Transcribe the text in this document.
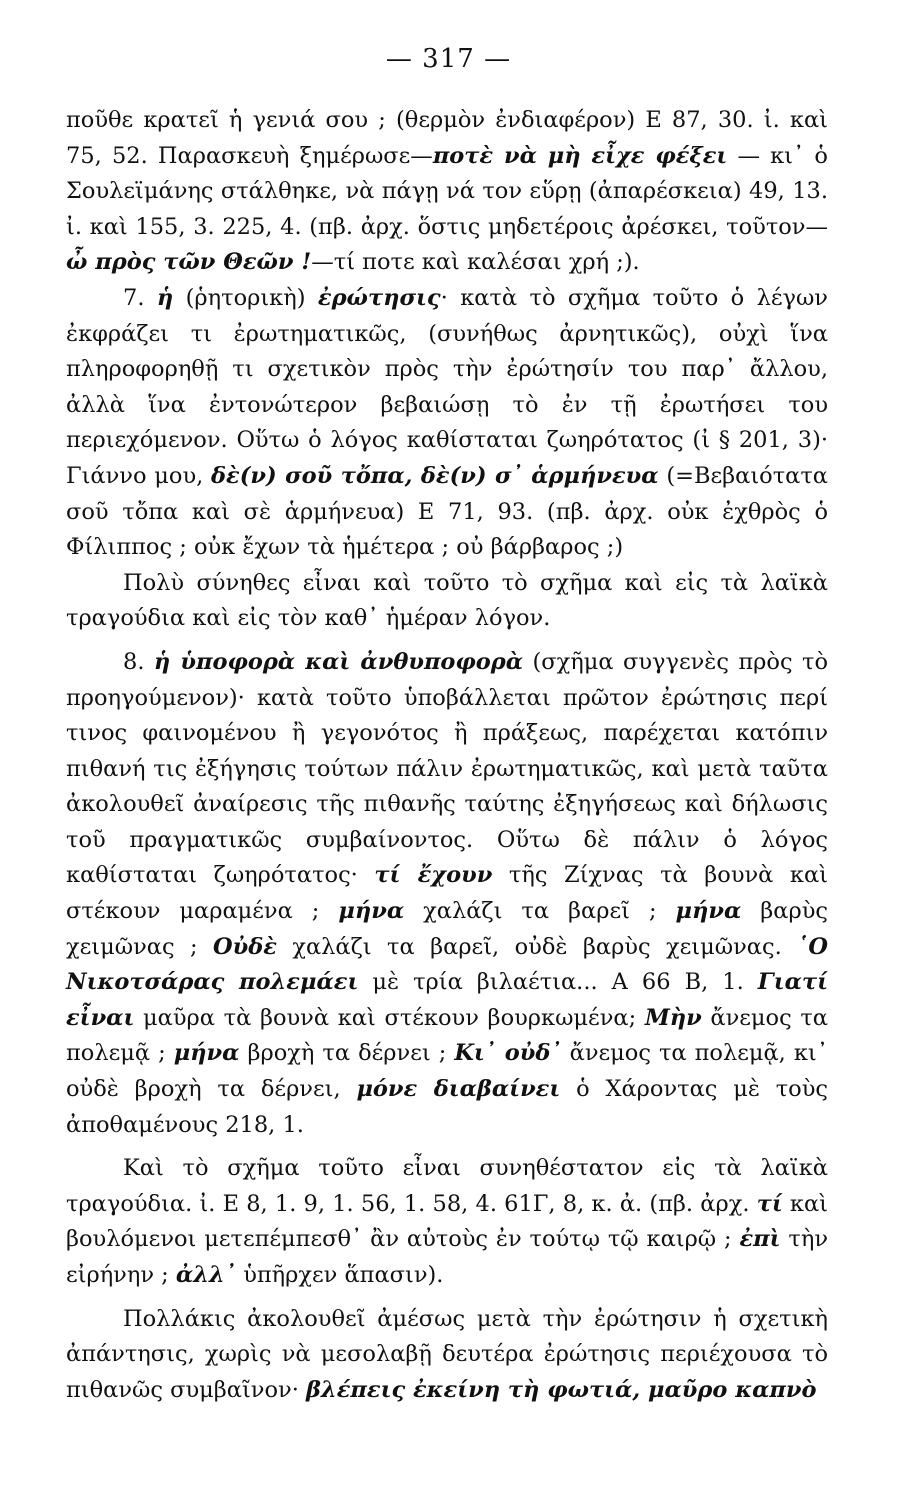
— 317 —

ποῦθε κρατεῖ ἡ γενιά σου ; (θερμὸν ἐνδιαφέρον) Ε 87, 30. ἰ. καὶ 75, 52. Παρασκευὴ ξημέρωσε—ποτὲ νὰ μὴ εἶχε φέξει — κι᾽ ὁ Σουλεϊμάνης στάλθηκε, νὰ πάγῃ νά τον εὕρῃ (ἀπαρέσκεια) 49, 13. ἰ. καὶ 155, 3. 225, 4. (πβ. ἀρχ. ὅστις μηδετέροις ἀρέσκει, τοῦτον—ὦ πρὸς τῶν Θεῶν !—τί ποτε καὶ καλέσαι χρή ;).

7. ἡ (ῥητορικὴ) ἐρώτησις· κατὰ τὸ σχῆμα τοῦτο ὁ λέγων ἐκφράζει τι ἐρωτηματικῶς, (συνήθως ἀρνητικῶς), οὐχὶ ἵνα πληροφορηθῇ τι σχετικὸν πρὸς τὴν ἐρώτησίν του παρ᾽ ἄλλου, ἀλλὰ ἵνα ἐντονώτερον βεβαιώσῃ τὸ ἐν τῇ ἐρωτήσει του περιεχόμενον. Οὕτω ὁ λόγος καθίσταται ζωηρότατος (ἰ § 201, 3)· Γιάννο μου, δὲ(ν) σοῦ τὄπα, δὲ(ν) σ᾽ ἁρμήνευα (=Βεβαιότατα σοῦ τὄπα καὶ σὲ ἁρμήνευα) Ε 71, 93. (πβ. ἀρχ. οὐκ ἐχθρὸς ὁ Φίλιππος ; οὐκ ἔχων τὰ ἡμέτερα ; οὐ βάρβαρος ;)

Πολὺ σύνηθες εἶναι καὶ τοῦτο τὸ σχῆμα καὶ εἰς τὰ λαϊκὰ τραγούδια καὶ εἰς τὸν καθ᾽ ἡμέραν λόγον.

8. ἡ ὑποφορὰ καὶ ἀνθυποφορὰ (σχῆμα συγγενὲς πρὸς τὸ προηγούμενον)· κατὰ τοῦτο ὑποβάλλεται πρῶτον ἐρώτησις περί τινος φαινομένου ἢ γεγονότος ἢ πράξεως, παρέχεται κατόπιν πιθανή τις ἐξήγησις τούτων πάλιν ἐρωτηματικῶς, καὶ μετὰ ταῦτα ἀκολουθεῖ ἀναίρεσις τῆς πιθανῆς ταύτης ἐξηγήσεως καὶ δήλωσις τοῦ πραγματικῶς συμβαίνοντος. Οὕτω δὲ πάλιν ὁ λόγος καθίσταται ζωηρότατος· τί ἔχουν τῆς Ζίχνας τὰ βουνὰ καὶ στέκουν μαραμένα ; μήνα χαλάζι τα βαρεῖ ; μήνα βαρὺς χειμῶνας ; Οὐδὲ χαλάζι τα βαρεῖ, οὐδὲ βαρὺς χειμῶνας. ῾Ο Νικοτσάρας πολεμάει μὲ τρία βιλαέτια... Α 66 Β, 1. Γιατί εἶναι μαῦρα τὰ βουνὰ καὶ στέκουν βουρκωμένα; Μὴν ἄνεμος τα πολεμᾷ ; μήνα βροχὴ τα δέρνει ; Κι᾽ οὐδ᾽ ἄνεμος τα πολεμᾷ, κι᾽ οὐδὲ βροχὴ τα δέρνει, μόνε διαβαίνει ὁ Χάροντας μὲ τοὺς ἀποθαμένους 218, 1.

Καὶ τὸ σχῆμα τοῦτο εἶναι συνηθέστατον εἰς τὰ λαϊκὰ τραγούδια. ἰ. Ε 8, 1. 9, 1. 56, 1. 58, 4. 61Γ, 8, κ. ἀ. (πβ. ἀρχ. τί καὶ βουλόμενοι μετεπέμπεσθ᾽ ἂν αὐτοὺς ἐν τούτῳ τῷ καιρῷ ; ἐπὶ τὴν εἰρήνην ; ἀλλ᾽ ὑπῆρχεν ἅπασιν).

Πολλάκις ἀκολουθεῖ ἀμέσως μετὰ τὴν ἐρώτησιν ἡ σχετικὴ ἀπάντησις, χωρὶς νὰ μεσολαβῇ δευτέρα ἐρώτησις περιέχουσα τὸ πιθανῶς συμβαῖνον· βλέπεις ἐκείνη τὴ φωτιά, μαῦρο καπνὸ
